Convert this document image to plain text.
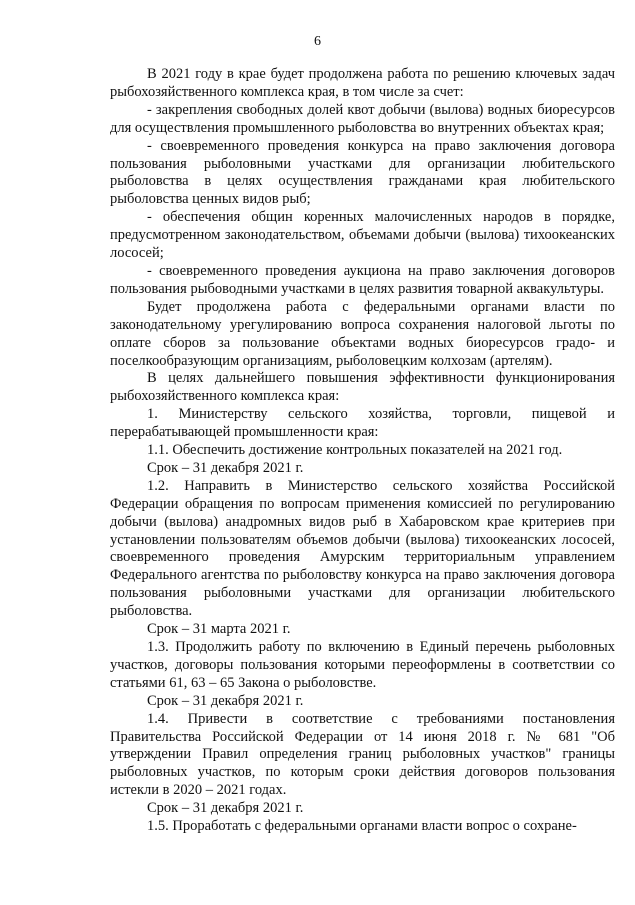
6

В 2021 году в крае будет продолжена работа по решению ключевых задач рыбохозяйственного комплекса края, в том числе за счет:

- закрепления свободных долей квот добычи (вылова) водных биоресурсов для осуществления промышленного рыболовства во внутренних объектах края;

- своевременного проведения конкурса на право заключения договора пользования рыболовными участками для организации любительского рыболовства в целях осуществления гражданами края любительского рыболовства ценных видов рыб;

- обеспечения общин коренных малочисленных народов в порядке, предусмотренном законодательством, объемами добычи (вылова) тихоокеанских лососей;

- своевременного проведения аукциона на право заключения договоров пользования рыбоводными участками в целях развития товарной аквакультуры.

Будет продолжена работа с федеральными органами власти по законодательному урегулированию вопроса сохранения налоговой льготы по оплате сборов за пользование объектами водных биоресурсов градо- и поселкообразующим организациям, рыболовецким колхозам (артелям).

В целях дальнейшего повышения эффективности функционирования рыбохозяйственного комплекса края:

1. Министерству сельского хозяйства, торговли, пищевой и перерабатывающей промышленности края:

1.1. Обеспечить достижение контрольных показателей на 2021 год.

Срок – 31 декабря 2021 г.

1.2. Направить в Министерство сельского хозяйства Российской Федерации обращения по вопросам применения комиссией по регулированию добычи (вылова) анадромных видов рыб в Хабаровском крае критериев при установлении пользователям объемов добычи (вылова) тихоокеанских лососей, своевременного проведения Амурским территориальным управлением Федерального агентства по рыболовству конкурса на право заключения договора пользования рыболовными участками для организации любительского рыболовства.

Срок – 31 марта 2021 г.

1.3. Продолжить работу по включению в Единый перечень рыболовных участков, договоры пользования которыми переоформлены в соответствии со статьями 61, 63 – 65 Закона о рыболовстве.

Срок – 31 декабря 2021 г.

1.4. Привести в соответствие с требованиями постановления Правительства Российской Федерации от 14 июня 2018 г. № 681 "Об утверждении Правил определения границ рыболовных участков" границы рыболовных участков, по которым сроки действия договоров пользования истекли в 2020 – 2021 годах.

Срок – 31 декабря 2021 г.

1.5. Проработать с федеральными органами власти вопрос о сохране-
